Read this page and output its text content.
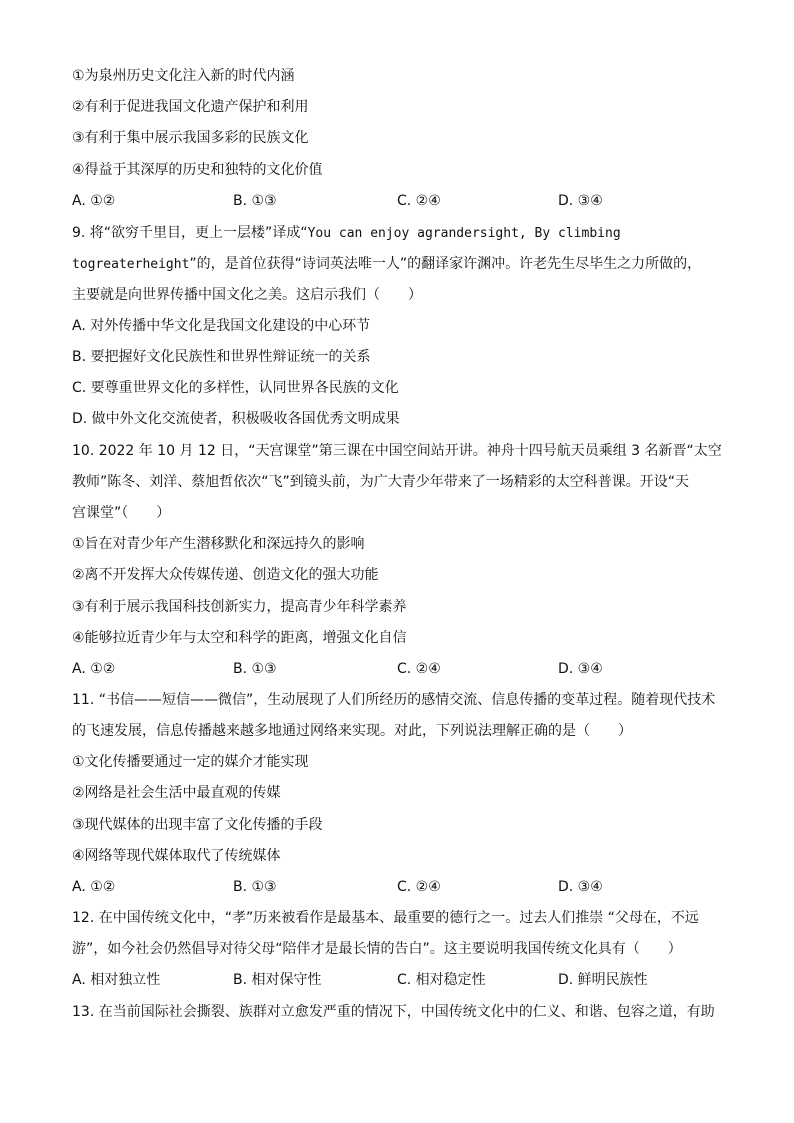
①为泉州历史文化注入新的时代内涵
②有利于促进我国文化遗产保护和利用
③有利于集中展示我国多彩的民族文化
④得益于其深厚的历史和独特的文化价值
A. ①②	B. ①③	C. ②④	D. ③④
9. 将“欲穷千里目，更上一层楼”译成“You can enjoy agrandersight, By climbing
togreaterheight”的，是首位获得“诗词英法唯一人”的翻译家许渊冲。许老先生尽毕生之力所做的，
主要就是向世界传播中国文化之美。这启示我们（　　）
A. 对外传播中华文化是我国文化建设的中心环节
B. 要把握好文化民族性和世界性辩证统一的关系
C. 要尊重世界文化的多样性，认同世界各民族的文化
D. 做中外文化交流使者，积极吸收各国优秀文明成果
10. 2022 年 10 月 12 日，“天宫课堂”第三课在中国空间站开讲。神舟十四号航天员乘组 3 名新晋“太空
教师”陈冬、刘洋、蔡旭哲依次“飞”到镜头前，为广大青少年带来了一场精彩的太空科普课。开设“天
宫课堂”（　　）
①旨在对青少年产生潜移默化和深远持久的影响
②离不开发挥大众传媒传递、创造文化的强大功能
③有利于展示我国科技创新实力，提高青少年科学素养
④能够拉近青少年与太空和科学的距离，增强文化自信
A. ①②	B. ①③	C. ②④	D. ③④
11. “书信——短信——微信”，生动展现了人们所经历的感情交流、信息传播的变革过程。随着现代技术
的飞速发展，信息传播越来越多地通过网络来实现。对此，下列说法理解正确的是（　　）
①文化传播要通过一定的媒介才能实现
②网络是社会生活中最直观的传媒
③现代媒体的出现丰富了文化传播的手段
④网络等现代媒体取代了传统媒体
A. ①②	B. ①③	C. ②④	D. ③④
12. 在中国传统文化中，“孝”历来被看作是最基本、最重要的德行之一。过去人们推崇 “父母在，不远
游”，如今社会仍然倡导对待父母“陪伴才是最长情的告白”。这主要说明我国传统文化具有（　　）
A. 相对独立性	B. 相对保守性	C. 相对稳定性	D. 鲜明民族性
13. 在当前国际社会撕裂、族群对立愈发严重的情况下，中国传统文化中的仁义、和谐、包容之道，有助
